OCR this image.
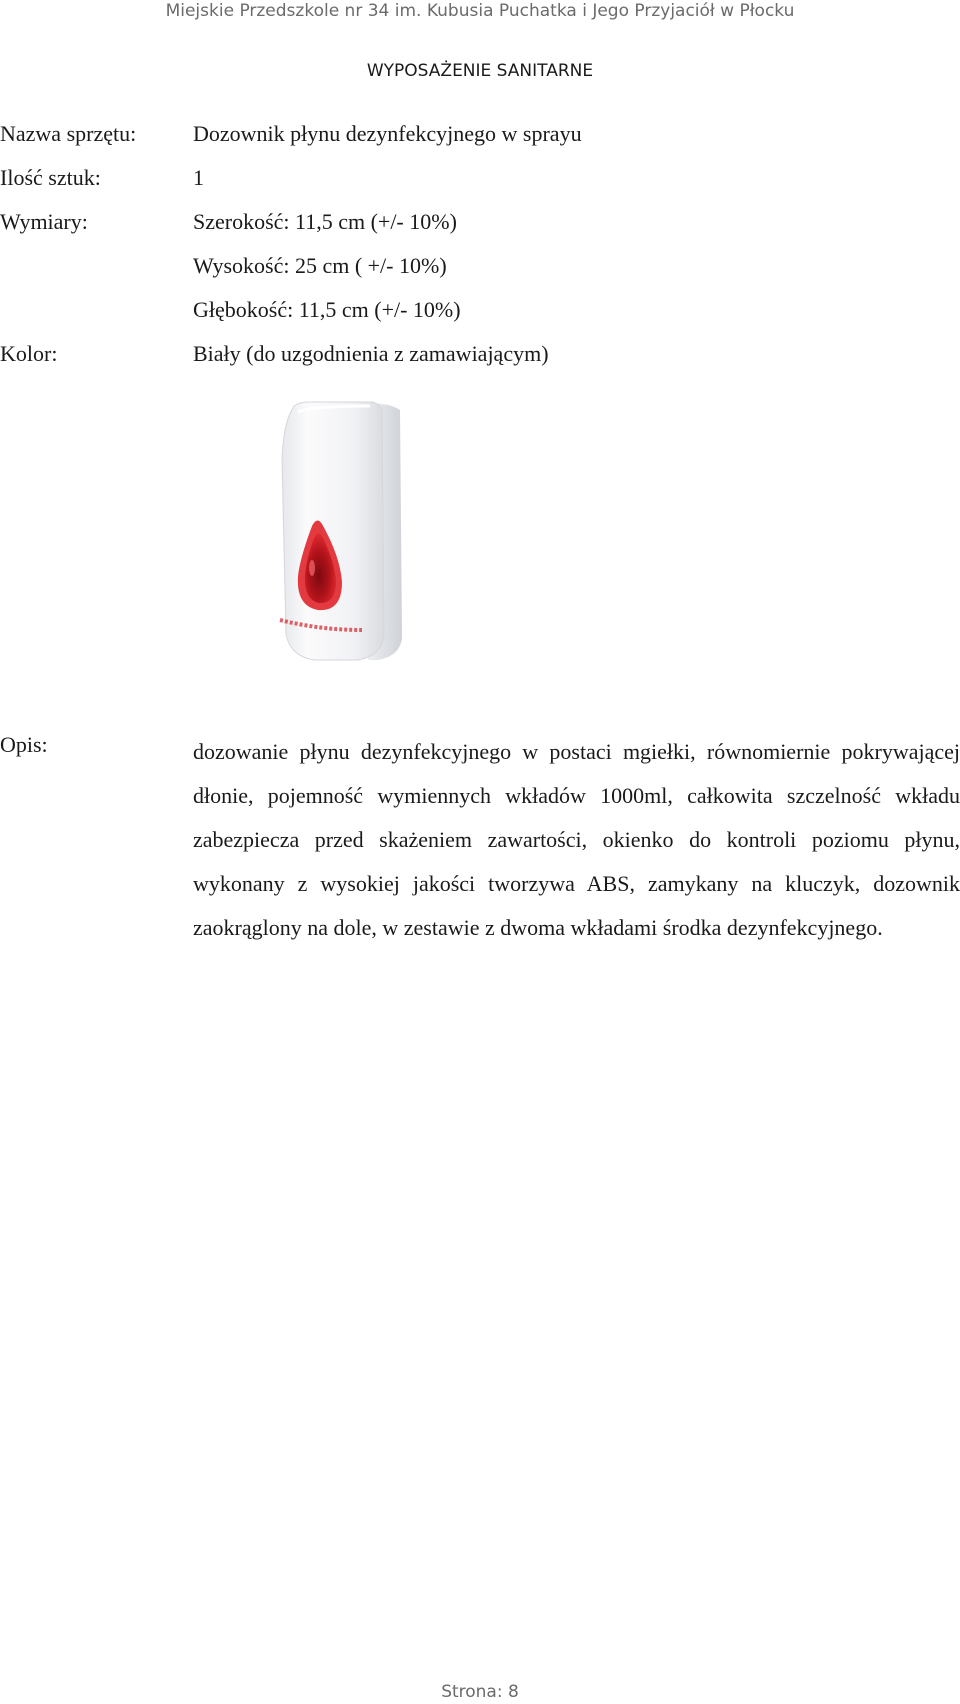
Miejskie Przedszkole nr 34 im. Kubusia Puchatka i Jego Przyjaciół w Płocku
WYPOSAŻENIE SANITARNE
Nazwa sprzętu:	Dozownik płynu dezynfekcyjnego w sprayu
Ilość sztuk:	1
Wymiary:	Szerokość: 11,5 cm (+/- 10%)
Wysokość: 25 cm ( +/- 10%)
Głębokość: 11,5 cm (+/- 10%)
Kolor:	Biały (do uzgodnienia z zamawiającym)
Opis:	dozowanie płynu dezynfekcyjnego w postaci mgiełki, równomiernie pokrywającej dłonie, pojemność wymiennych wkładów 1000ml, całkowita szczelność wkładu zabezpiecza przed skażeniem zawartości, okienko do kontroli poziomu płynu, wykonany z wysokiej jakości tworzywa ABS, zamykany na kluczyk, dozownik zaokrąglony na dole, w zestawie z dwoma wkładami środka dezynfekcyjnego.
Strona: 8
